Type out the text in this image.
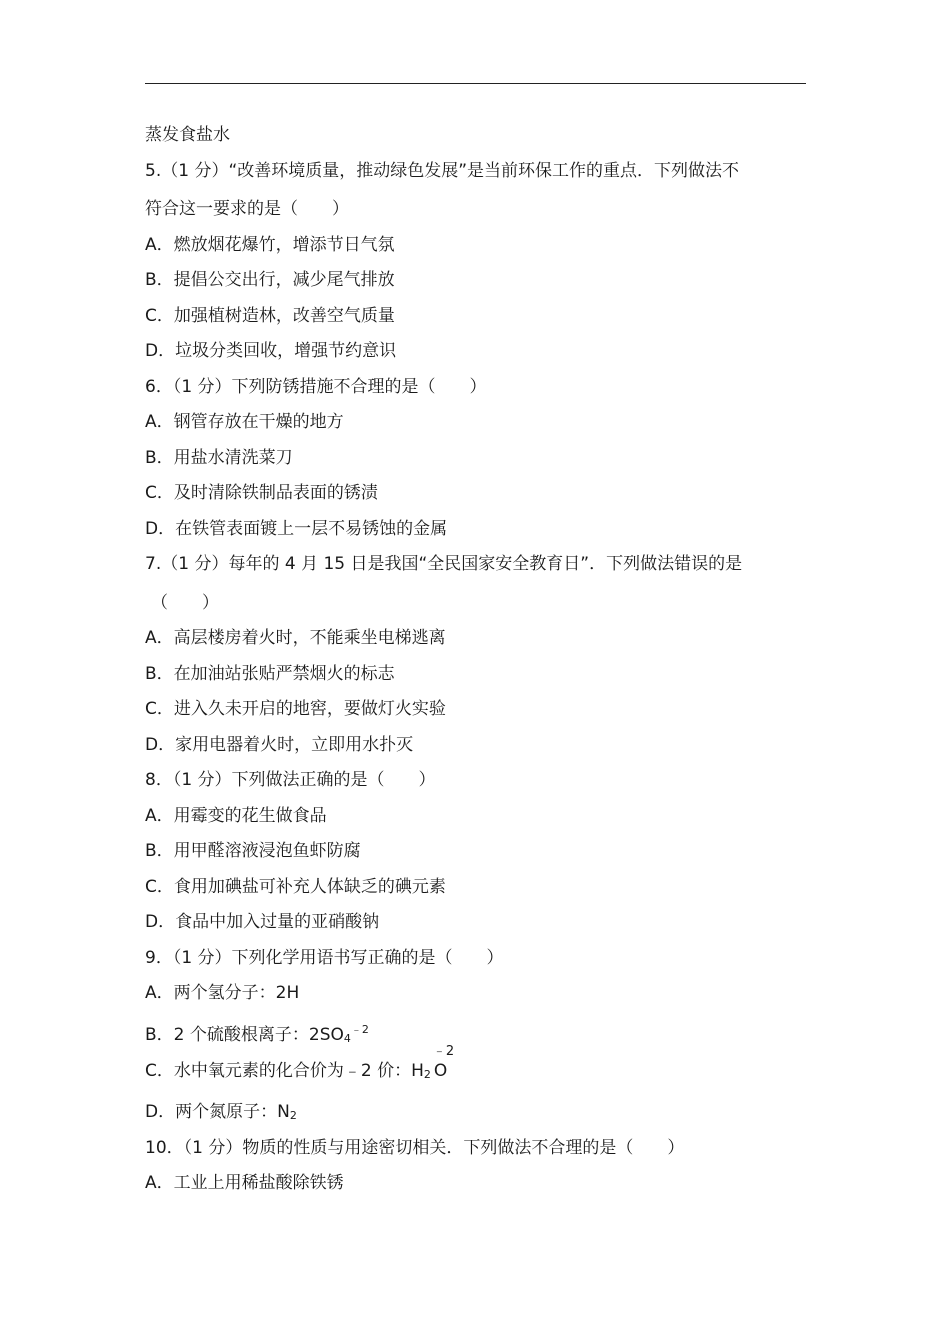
蒸发食盐水
5.（1 分）“改善环境质量，推动绿色发展”是当前环保工作的重点．下列做法不
符合这一要求的是（　　）
A．燃放烟花爆竹，增添节日气氛
B．提倡公交出行，减少尾气排放
C．加强植树造林，改善空气质量
D．垃圾分类回收，增强节约意识
6．（1 分）下列防锈措施不合理的是（　　）
A．钢管存放在干燥的地方
B．用盐水清洗菜刀
C．及时清除铁制品表面的锈渍
D．在铁管表面镀上一层不易锈蚀的金属
7.（1 分）每年的 4 月 15 日是我国“全民国家安全教育日”．下列做法错误的是
（　　）
A．高层楼房着火时，不能乘坐电梯逃离
B．在加油站张贴严禁烟火的标志
C．进入久未开启的地窖，要做灯火实验
D．家用电器着火时，立即用水扑灭
8．（1 分）下列做法正确的是（　　）
A．用霉变的花生做食品
B．用甲醛溶液浸泡鱼虾防腐
C．食用加碘盐可补充人体缺乏的碘元素
D．食品中加入过量的亚硝酸钠
9．（1 分）下列化学用语书写正确的是（　　）
A．两个氢分子：2H
B．2 个硫酸根离子：$2SO4^{﹣2}$
C．水中氧元素的化合价为﹣2 价：H2
﹣2
O
D．两个氮原子：N2
10．（1 分）物质的性质与用途密切相关．下列做法不合理的是（　　）
A．工业上用稀盐酸除铁锈
